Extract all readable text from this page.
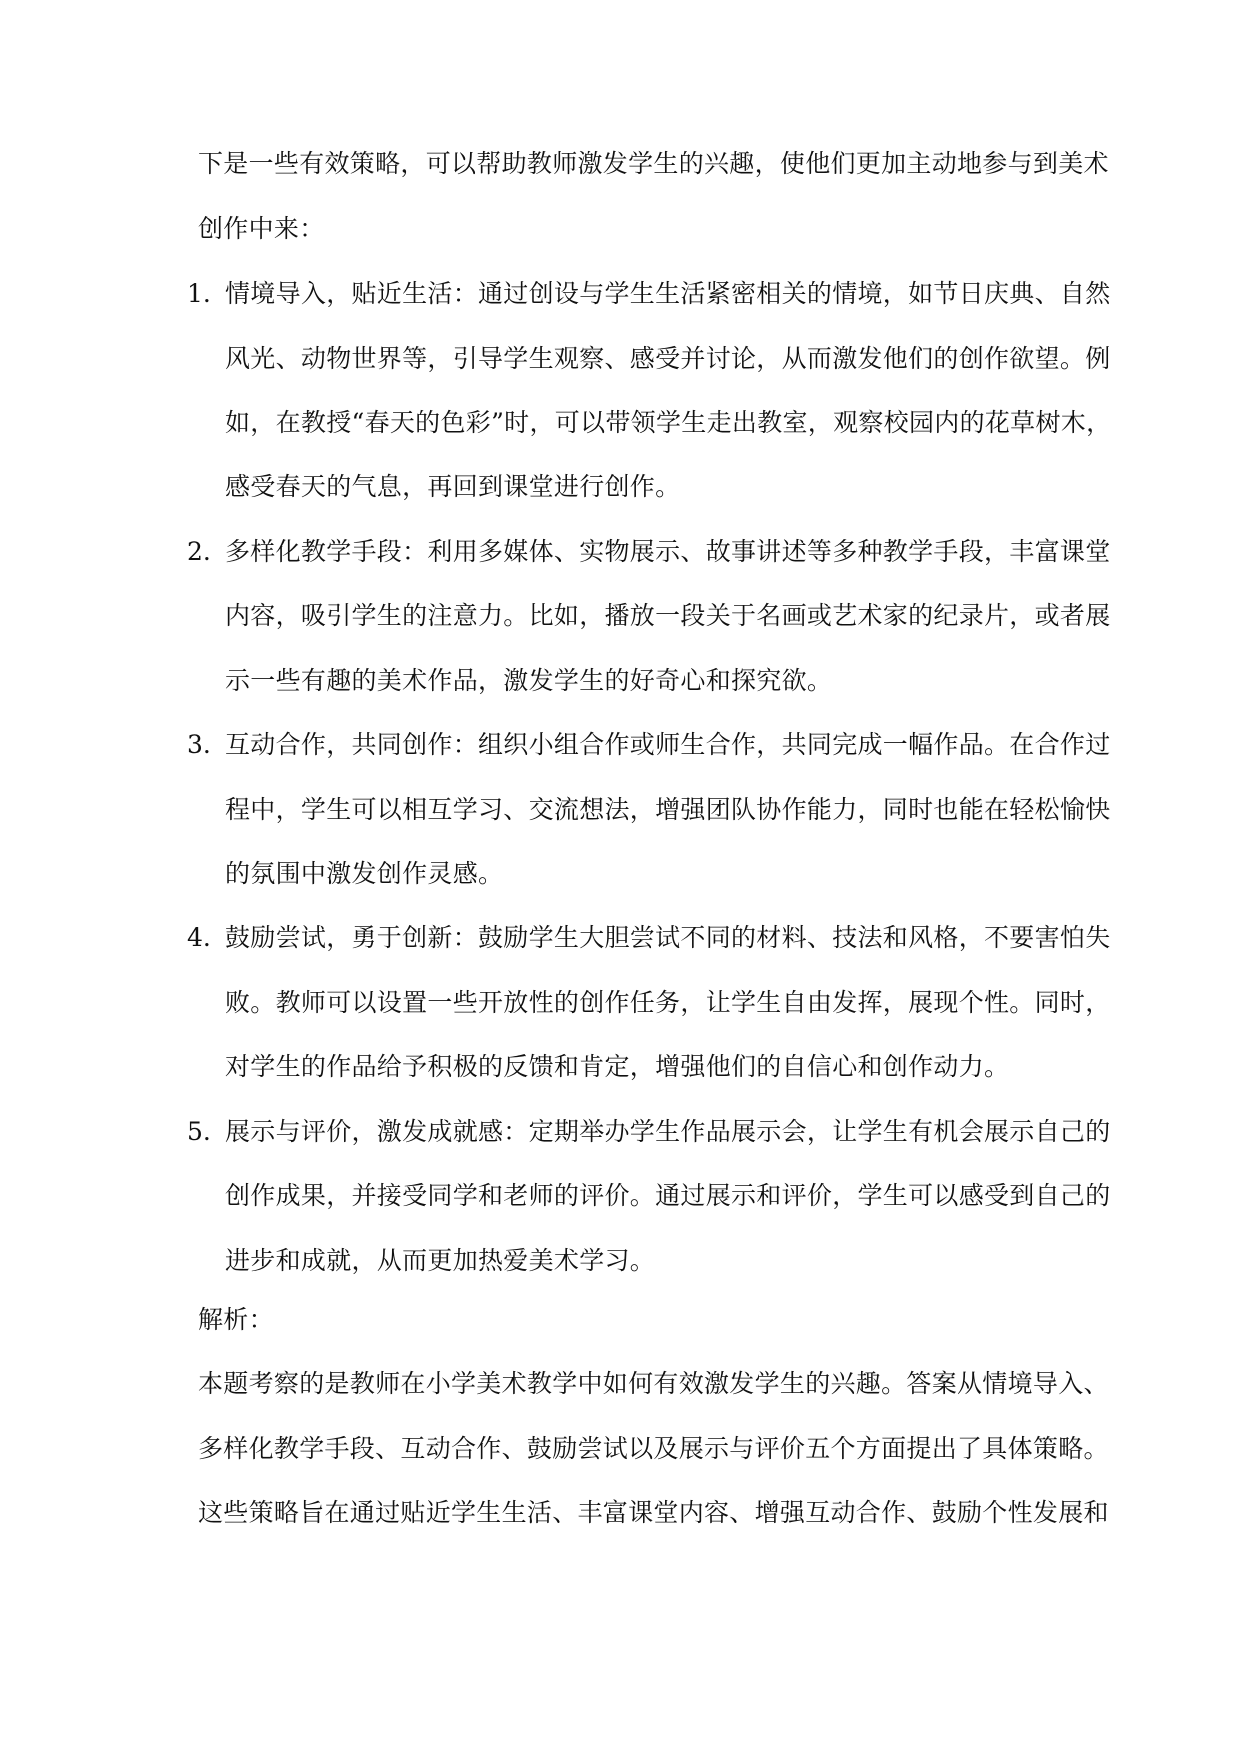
下是一些有效策略，可以帮助教师激发学生的兴趣，使他们更加主动地参与到美术
创作中来：
1. 情境导入，贴近生活：通过创设与学生生活紧密相关的情境，如节日庆典、自然
风光、动物世界等，引导学生观察、感受并讨论，从而激发他们的创作欲望。例
如，在教授“春天的色彩”时，可以带领学生走出教室，观察校园内的花草树木，
感受春天的气息，再回到课堂进行创作。
2. 多样化教学手段：利用多媒体、实物展示、故事讲述等多种教学手段，丰富课堂
内容，吸引学生的注意力。比如，播放一段关于名画或艺术家的纪录片，或者展
示一些有趣的美术作品，激发学生的好奇心和探究欲。
3. 互动合作，共同创作：组织小组合作或师生合作，共同完成一幅作品。在合作过
程中，学生可以相互学习、交流想法，增强团队协作能力，同时也能在轻松愉快
的氛围中激发创作灵感。
4. 鼓励尝试，勇于创新：鼓励学生大胆尝试不同的材料、技法和风格，不要害怕失
败。教师可以设置一些开放性的创作任务，让学生自由发挥，展现个性。同时，
对学生的作品给予积极的反馈和肯定，增强他们的自信心和创作动力。
5. 展示与评价，激发成就感：定期举办学生作品展示会，让学生有机会展示自己的
创作成果，并接受同学和老师的评价。通过展示和评价，学生可以感受到自己的
进步和成就，从而更加热爱美术学习。
解析：
本题考察的是教师在小学美术教学中如何有效激发学生的兴趣。答案从情境导入、
多样化教学手段、互动合作、鼓励尝试以及展示与评价五个方面提出了具体策略。
这些策略旨在通过贴近学生生活、丰富课堂内容、增强互动合作、鼓励个性发展和
